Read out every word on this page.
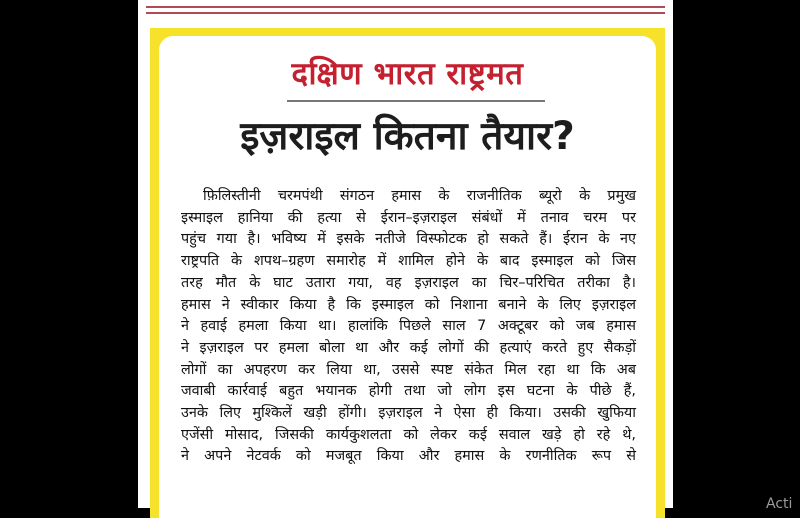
दक्षिण भारत राष्ट्रमत
इज़राइल कितना तैयार?
फ़िलिस्तीनी चरमपंथी संगठन हमास के राजनीतिक ब्यूरो के प्रमुख
इस्माइल हानिया की हत्या से ईरान–इज़राइल संबंधों में तनाव चरम पर
पहुंच गया है। भविष्य में इसके नतीजे विस्फोटक हो सकते हैं। ईरान के नए
राष्ट्रपति के शपथ–ग्रहण समारोह में शामिल होने के बाद इस्माइल को जिस
तरह मौत के घाट उतारा गया, वह इज़राइल का चिर–परिचित तरीका है।
हमास ने स्वीकार किया है कि इस्माइल को निशाना बनाने के लिए इज़राइल
ने हवाई हमला किया था। हालांकि पिछले साल 7 अक्टूबर को जब हमास
ने इज़राइल पर हमला बोला था और कई लोगों की हत्याएं करते हुए सैकड़ों
लोगों का अपहरण कर लिया था, उससे स्पष्ट संकेत मिल रहा था कि अब
जवाबी कार्रवाई बहुत भयानक होगी तथा जो लोग इस घटना के पीछे हैं,
उनके लिए मुश्किलें खड़ी होंगी। इज़राइल ने ऐसा ही किया। उसकी खुफिया
एजेंसी मोसाद, जिसकी कार्यकुशलता को लेकर कई सवाल खड़े हो रहे थे,
ने अपने नेटवर्क को मजबूत किया और हमास के रणनीतिक रूप से
Acti
